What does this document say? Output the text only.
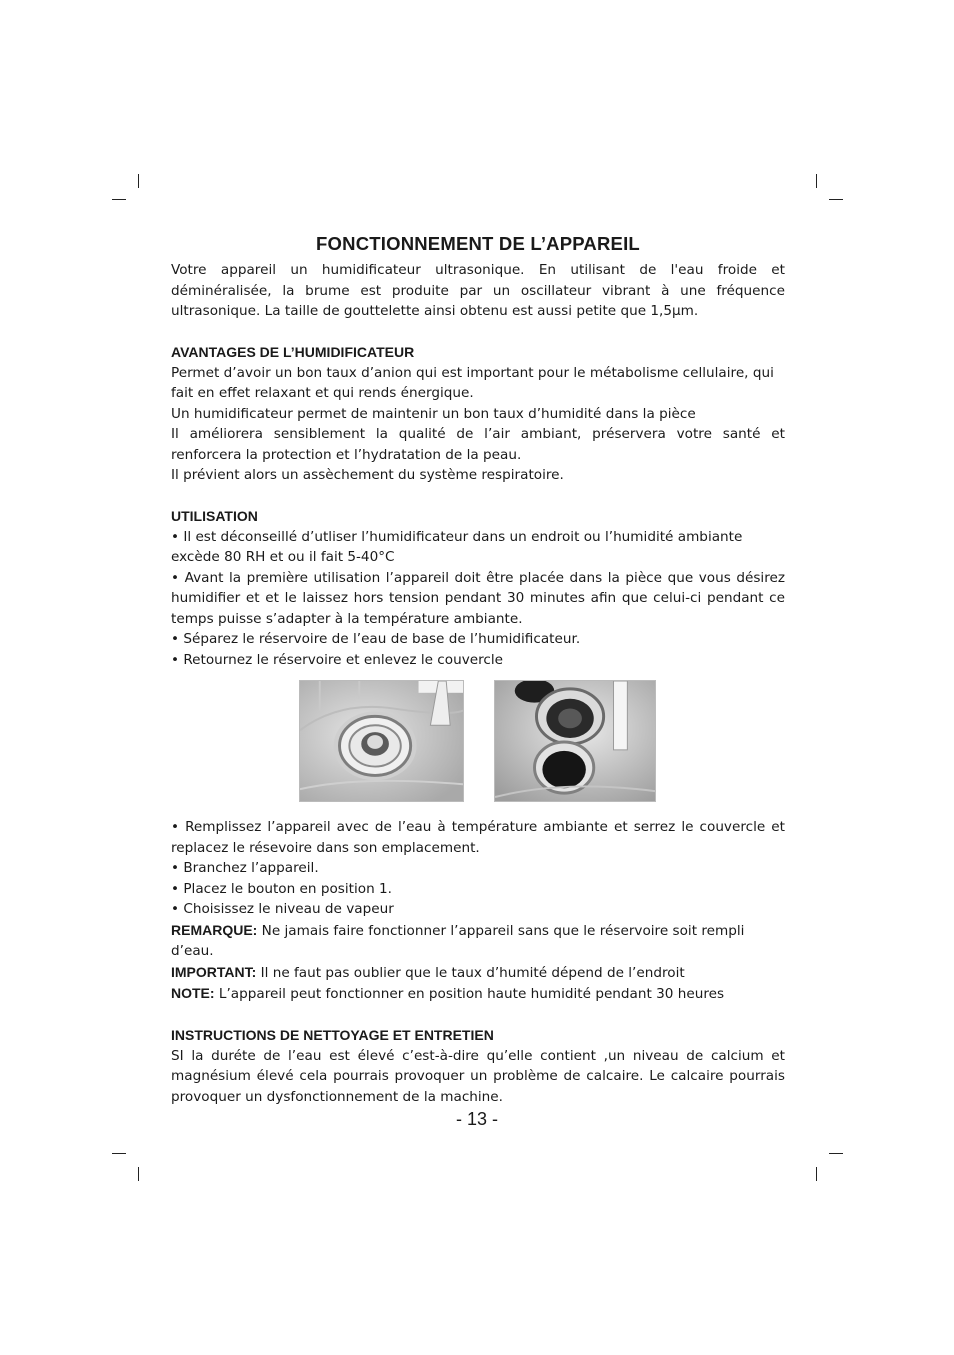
FONCTIONNEMENT DE L’APPAREIL

Votre appareil un humidificateur ultrasonique. En utilisant de l'eau froide et déminéralisée, la brume est produite par un oscillateur vibrant à une fréquence ultrasonique. La taille de gouttelette ainsi obtenu est aussi petite que 1,5µm.

AVANTAGES DE L’HUMIDIFICATEUR

Permet d’avoir un bon taux d’anion qui est important pour le métabolisme cellulaire, qui fait en effet relaxant et qui rends énergique.

Un humidificateur permet de maintenir un bon taux d’humidité dans la pièce

Il améliorera sensiblement la qualité de l’air ambiant, préservera votre santé et renforcera la protection et l’hydratation de la peau.

Il prévient alors un assèchement du système respiratoire.

UTILISATION

• Il est déconseillé d’utliser l’humidificateur dans un endroit ou l’humidité ambiante excède 80 RH et ou il fait 5-40°C

• Avant la première utilisation l’appareil doit être placée dans la pièce que vous désirez humidifier et et le laissez hors tension pendant 30 minutes afin que celui-ci pendant ce temps puisse s’adapter à la température ambiante.

• Séparez le réservoire de l’eau de base de l’humidificateur.

• Retournez le réservoire et enlevez le couvercle

• Remplissez l’appareil avec de l’eau à température ambiante et serrez le couvercle et replacez le résevoire dans son emplacement.

• Branchez l’appareil.

• Placez le bouton en position 1.

• Choisissez le niveau de vapeur

REMARQUE: Ne jamais faire fonctionner l’appareil sans que le réservoire soit rempli d’eau.

IMPORTANT: Il ne faut pas oublier que le taux d’humité dépend de l’endroit

NOTE: L’appareil peut fonctionner en position haute humidité pendant 30 heures

INSTRUCTIONS DE NETTOYAGE ET ENTRETIEN

SI la duréte de l’eau est élevé c’est-à-dire qu’elle contient ,un niveau de calcium et magnésium élevé cela pourrais provoquer un problème de calcaire. Le calcaire pourrais provoquer un dysfonctionnement de la machine.

- 13 -
